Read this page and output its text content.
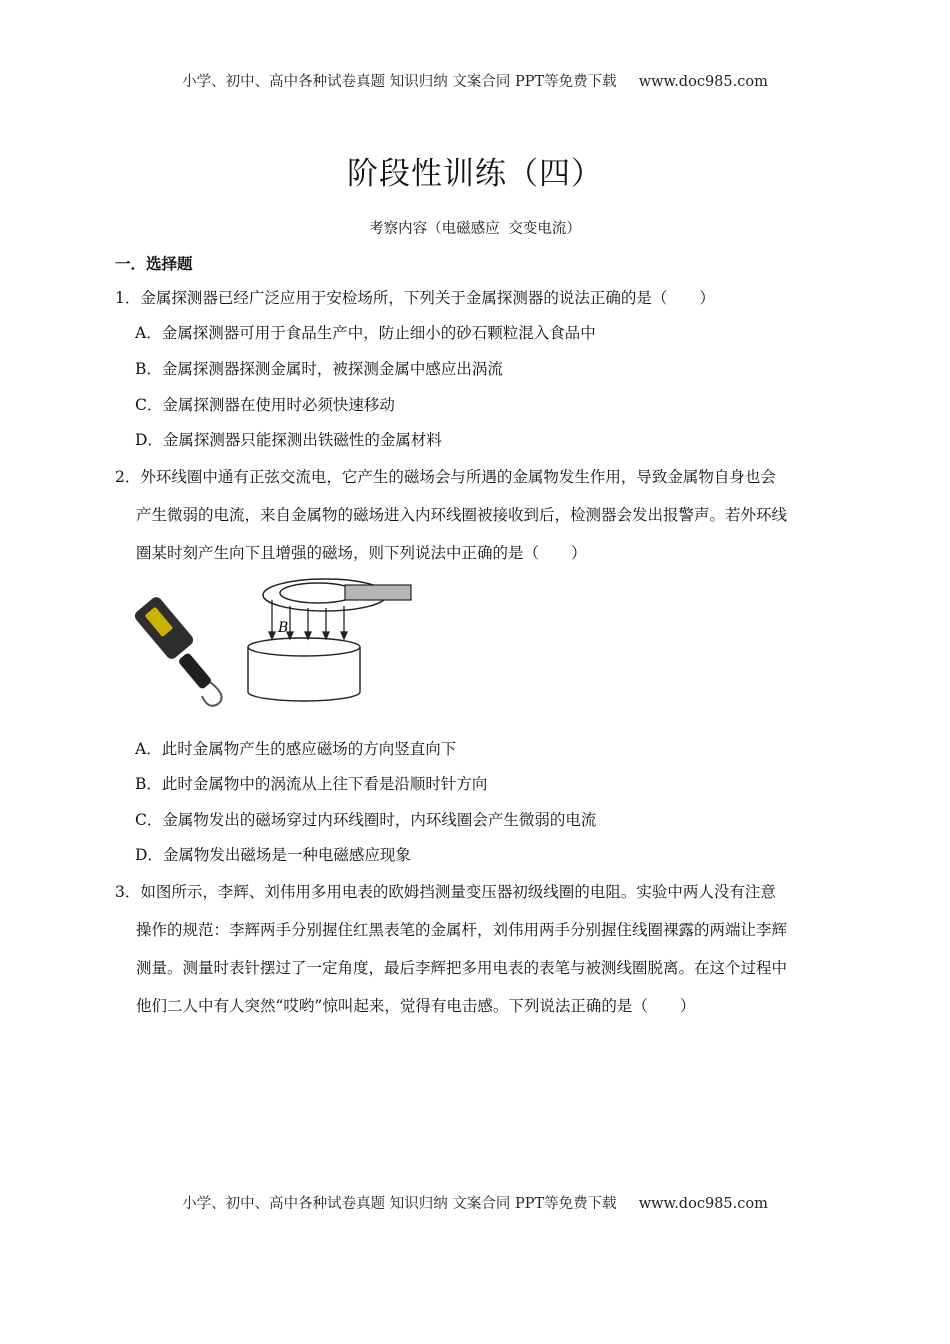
小学、初中、高中各种试卷真题 知识归纳 文案合同 PPT等免费下载 www.doc985.com
阶段性训练（四）
考察内容（电磁感应 交变电流）
一．选择题
1．金属探测器已经广泛应用于安检场所，下列关于金属探测器的说法正确的是（ ）
A．金属探测器可用于食品生产中，防止细小的砂石颗粒混入食品中
B．金属探测器探测金属时，被探测金属中感应出涡流
C．金属探测器在使用时必须快速移动
D．金属探测器只能探测出铁磁性的金属材料
2．外环线圈中通有正弦交流电，它产生的磁场会与所遇的金属物发生作用，导致金属物自身也会
产生微弱的电流，来自金属物的磁场进入内环线圈被接收到后，检测器会发出报警声。若外环线
圈某时刻产生向下且增强的磁场，则下列说法中正确的是（ ）
B
A．此时金属物产生的感应磁场的方向竖直向下
B．此时金属物中的涡流从上往下看是沿顺时针方向
C．金属物发出的磁场穿过内环线圈时，内环线圈会产生微弱的电流
D．金属物发出磁场是一种电磁感应现象
3．如图所示，李辉、刘伟用多用电表的欧姆挡测量变压器初级线圈的电阻。实验中两人没有注意
操作的规范：李辉两手分别握住红黑表笔的金属杆，刘伟用两手分别握住线圈裸露的两端让李辉
测量。测量时表针摆过了一定角度，最后李辉把多用电表的表笔与被测线圈脱离。在这个过程中
他们二人中有人突然“哎哟”惊叫起来，觉得有电击感。下列说法正确的是（ ）
小学、初中、高中各种试卷真题 知识归纳 文案合同 PPT等免费下载 www.doc985.com
